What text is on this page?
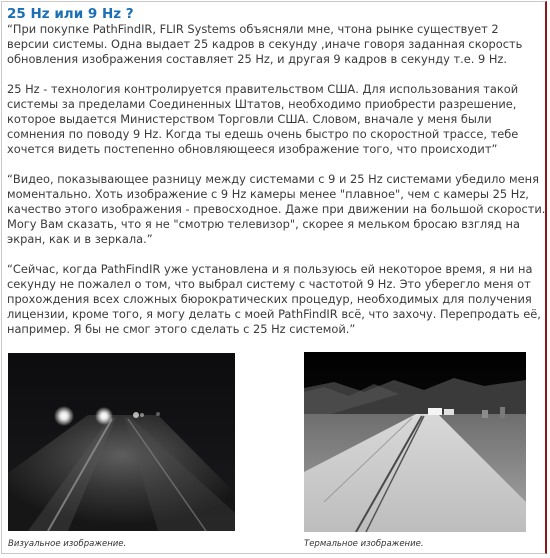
25 Hz или 9 Hz ?

“При покупке PathFindIR, FLIR Systems объясняли мне, чтона рынке существует 2

версии системы. Одна выдает 25 кадров в секунду ,иначе говоря заданная скорость

обновления изображения составляет 25 Hz, и другая 9 кадров в секунду т.е. 9 Hz.

25 Hz - технология контролируется правительством США. Для использования такой

системы за пределами Соединенных Штатов, необходимо приобрести разрешение,

которое выдается Министерством Торговли США. Словом, вначале у меня были

сомнения по поводу 9 Hz. Когда ты едешь очень быстро по скоростной трассе, тебе

хочется видеть постепенно обновляющееся изображение того, что происходит”

“Видео, показывающее разницу между системами с 9 и 25 Hz системами убедило меня

моментально. Хоть изображение с 9 Hz камеры менее "плавное", чем с камеры 25 Hz,

качество этого изображения - превосходное. Даже при движении на большой скорости.

Могу Вам сказать, что я не "смотрю телевизор", скорее я мельком бросаю взгляд на

экран, как и в зеркала.”

“Сейчас, когда PathFindIR уже установлена и я пользуюсь ей некоторое время, я ни на

секунду не пожалел о том, что выбрал систему с частотой 9 Hz. Это уберегло меня от

прохождения всех сложных бюрократических процедур, необходимых для получения

лицензии, кроме того, я могу делать с моей PathFindIR всё, что захочу. Перепродать её,

например. Я бы не смог этого сделать с 25 Hz системой.”

Визуальное изображение.	Термальное изображение.
